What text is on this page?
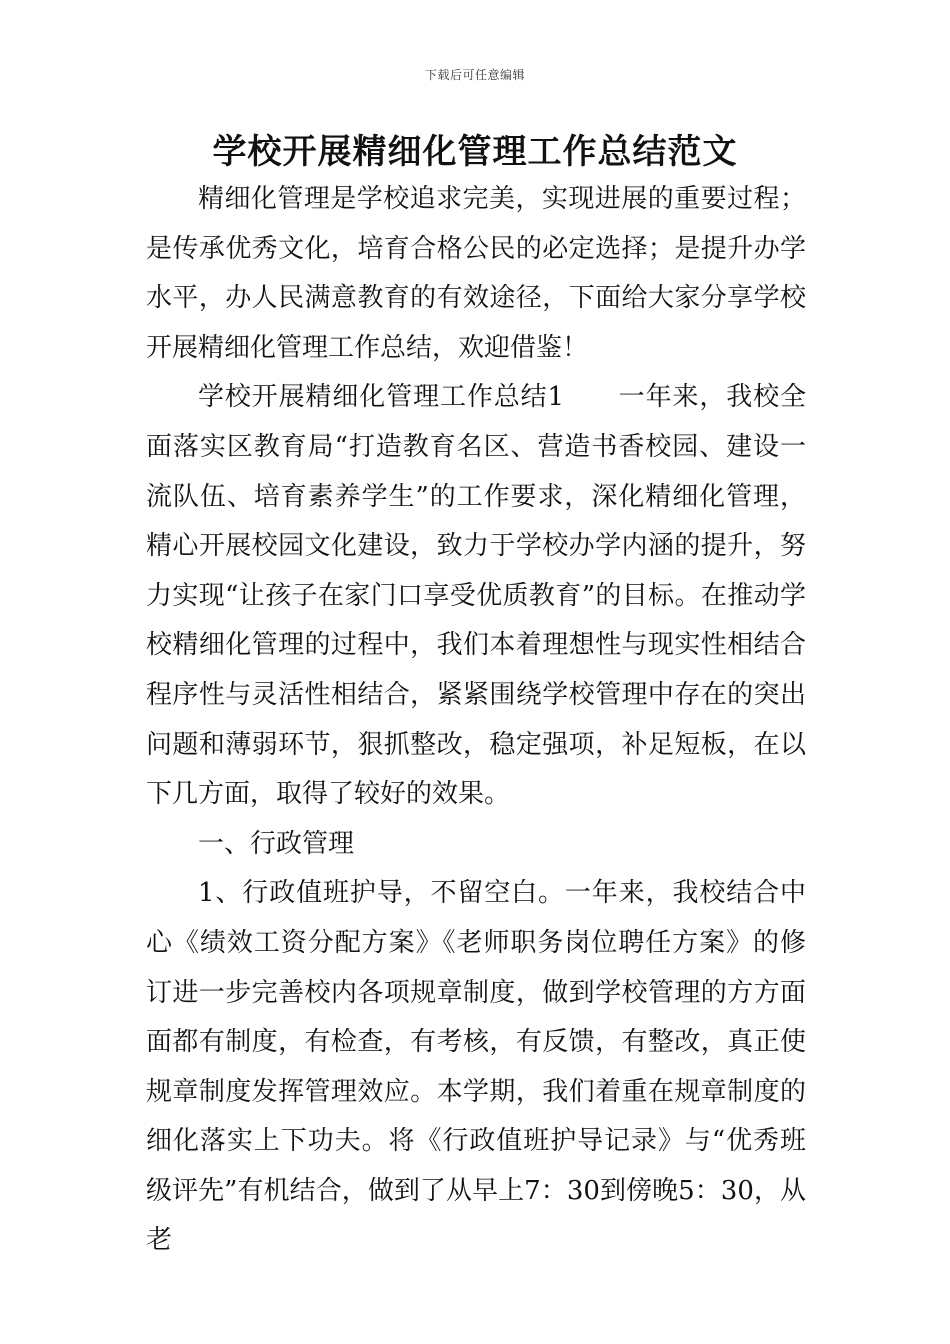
下载后可任意编辑
学校开展精细化管理工作总结范文

精细化管理是学校追求完美，实现进展的重要过程；是传承优秀文化，培育合格公民的必定选择；是提升办学水平，办人民满意教育的有效途径，下面给大家分享学校开展精细化管理工作总结，欢迎借鉴！

学校开展精细化管理工作总结1　　一年来，我校全面落实区教育局“打造教育名区、营造书香校园、建设一流队伍、培育素养学生”的工作要求，深化精细化管理，精心开展校园文化建设，致力于学校办学内涵的提升，努力实现“让孩子在家门口享受优质教育”的目标。在推动学校精细化管理的过程中，我们本着理想性与现实性相结合程序性与灵活性相结合，紧紧围绕学校管理中存在的突出问题和薄弱环节，狠抓整改，稳定强项，补足短板，在以下几方面，取得了较好的效果。

一、行政管理

1、行政值班护导，不留空白。一年来，我校结合中心《绩效工资分配方案》《老师职务岗位聘任方案》的修订进一步完善校内各项规章制度，做到学校管理的方方面面都有制度，有检查，有考核，有反馈，有整改，真正使规章制度发挥管理效应。本学期，我们着重在规章制度的细化落实上下功夫。将《行政值班护导记录》与“优秀班级评先”有机结合，做到了从早上7：30到傍晚5：30，从老
